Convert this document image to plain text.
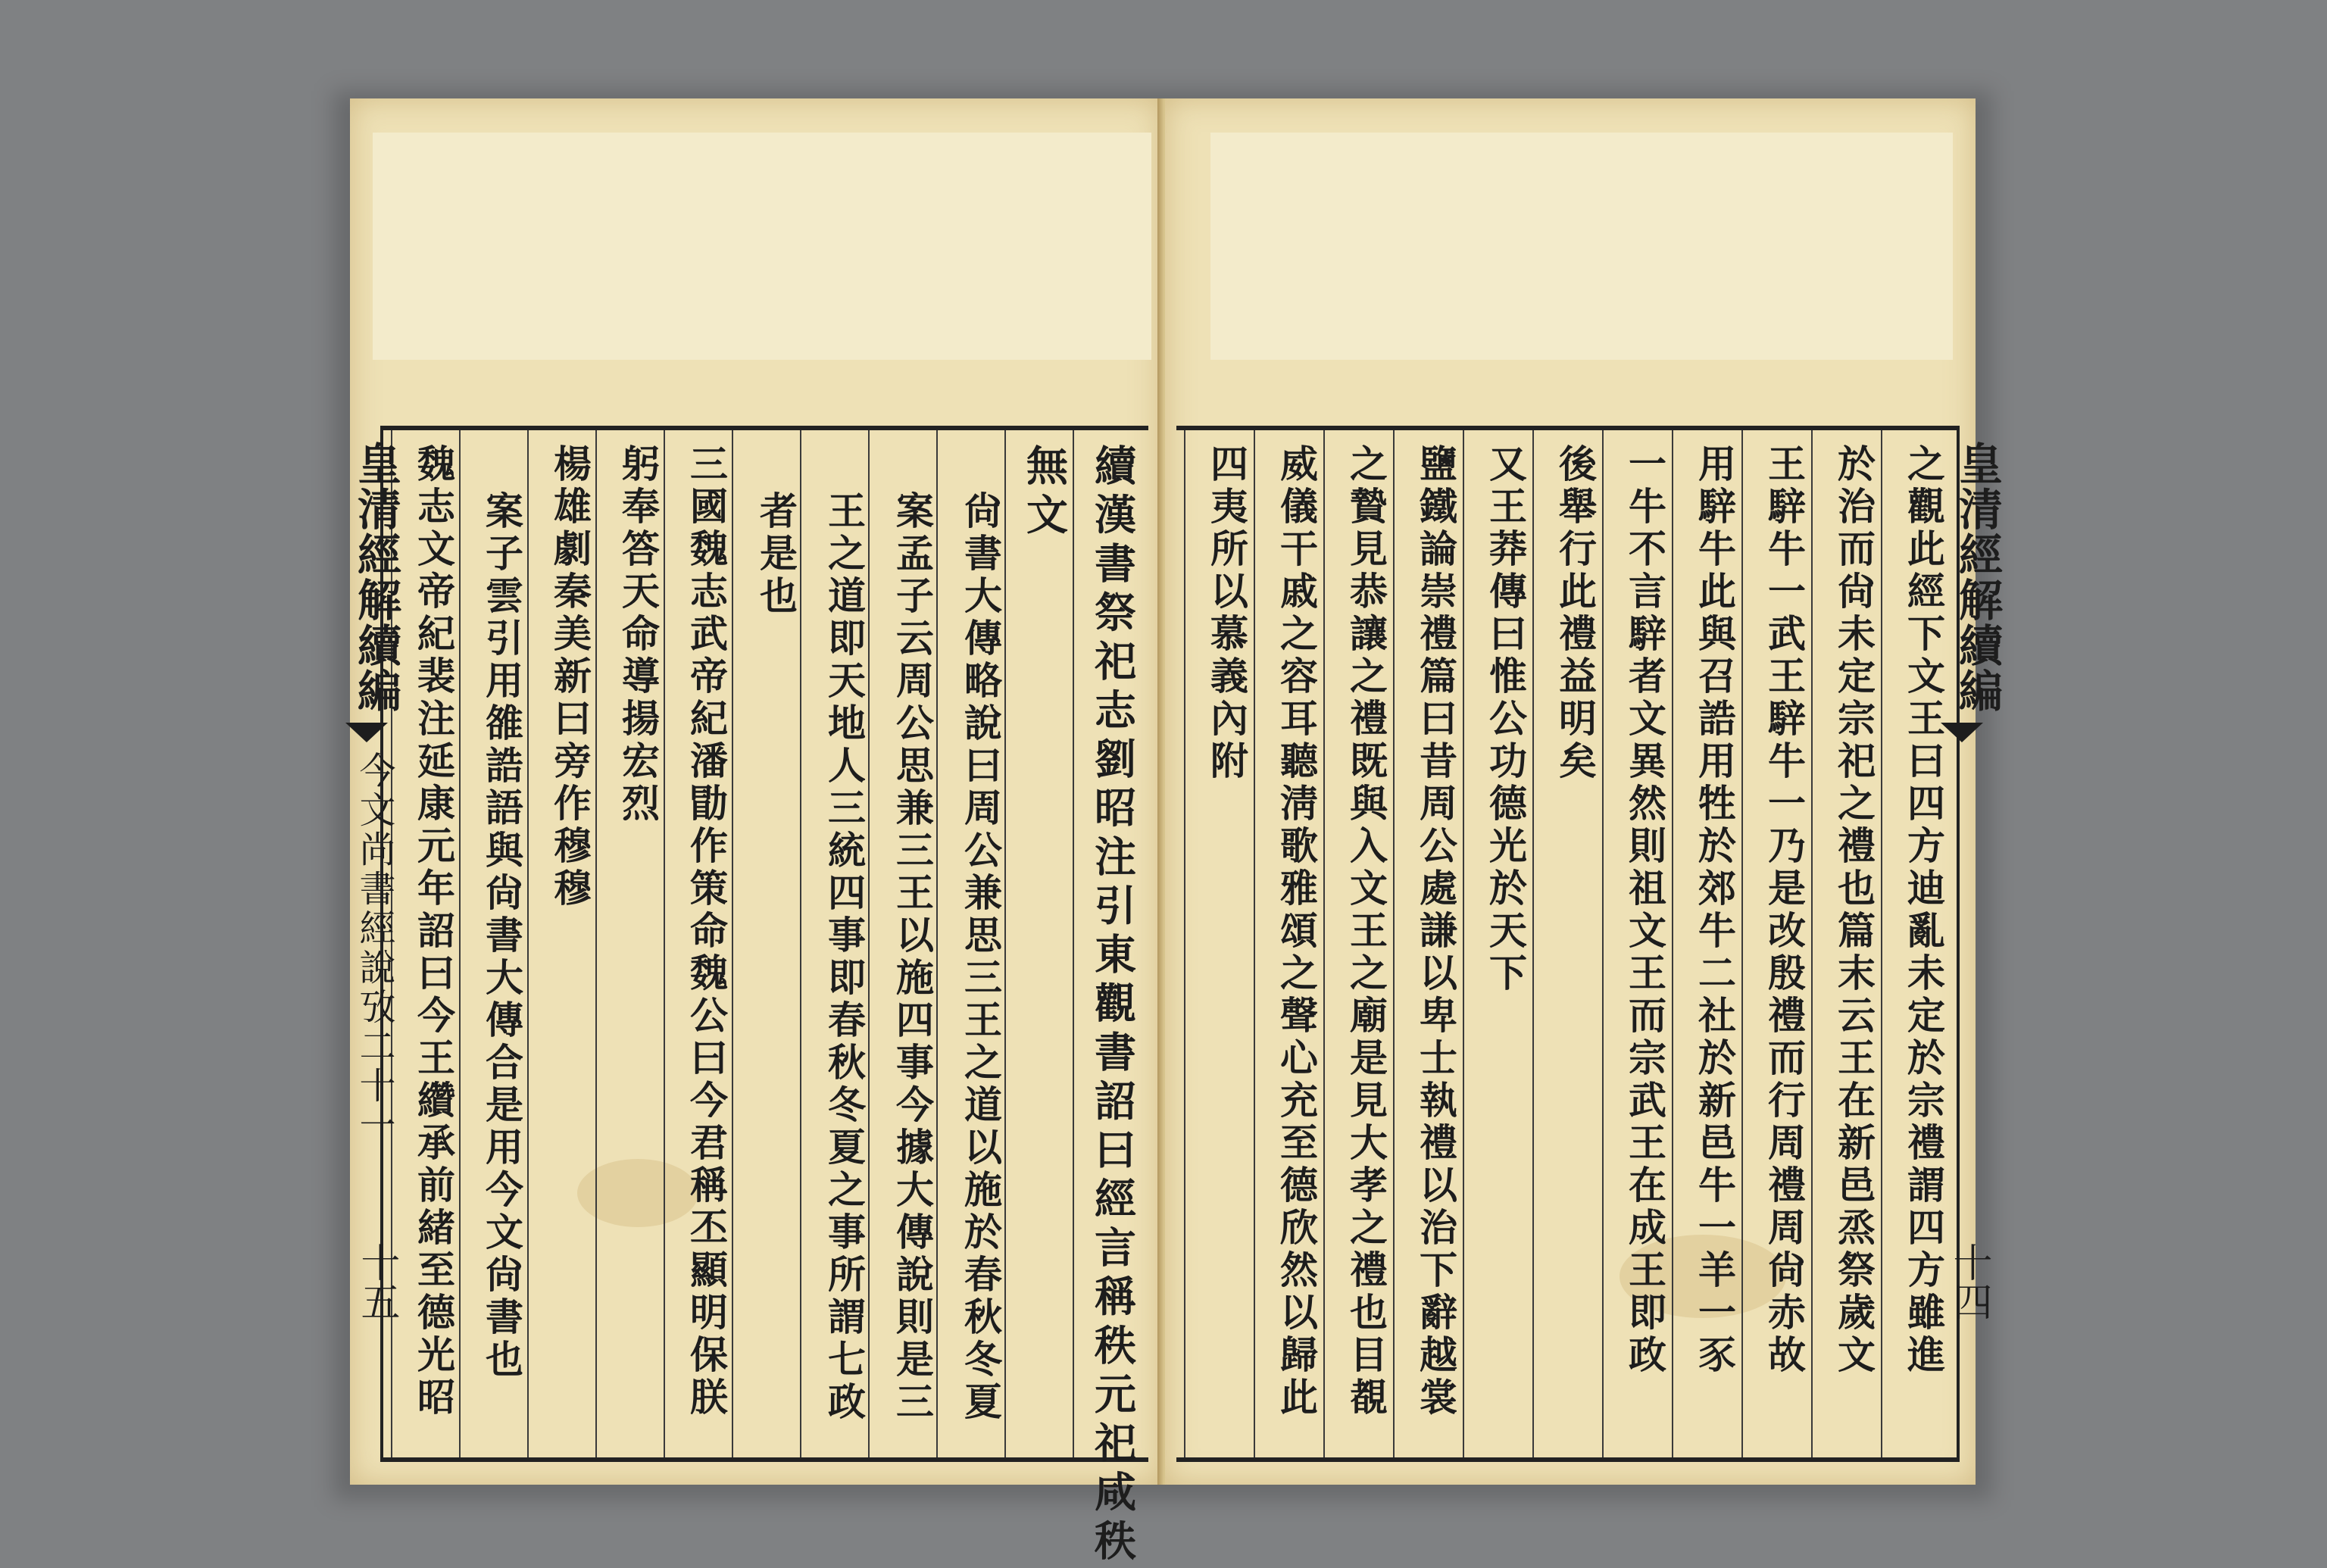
續漢書祭祀志劉昭注引東觀書詔曰經言稱秩元祀咸秩
無文
尙書大傳略說曰周公兼思三王之道以施於春秋冬夏
案孟子云周公思兼三王以施四事今據大傳說則是三
王之道即天地人三統四事即春秋冬夏之事所謂七政
者是也
三國魏志武帝紀潘勖作策命魏公曰今君稱丕顯明保朕
躬奉答天命導揚宏烈
楊雄劇秦美新曰旁作穆穆
案子雲引用雒誥語與尙書大傳合是用今文尙書也
魏志文帝紀裴注延康元年詔曰今王纘承前緒至德光昭
皇清經解續編
今文尚書經說攷二十一
十五	之觀此經下文王曰四方迪亂未定於宗禮謂四方雖進
於治而尙未定宗祀之禮也篇末云王在新邑烝祭歲文
王騂牛一武王騂牛一乃是改殷禮而行周禮周尙赤故
用騂牛此與召誥用牲於郊牛二社於新邑牛一羊一豕
一牛不言騂者文異然則祖文王而宗武王在成王即政
後舉行此禮益明矣
又王莽傳曰惟公功德光於天下
鹽鐵論崇禮篇曰昔周公處謙以卑士執禮以治下辭越裳
之贄見恭讓之禮既與入文王之廟是見大孝之禮也目覩
威儀干戚之容耳聽淸歌雅頌之聲心充至德欣然以歸此
四夷所以慕義內附	皇清經解續編
十四
